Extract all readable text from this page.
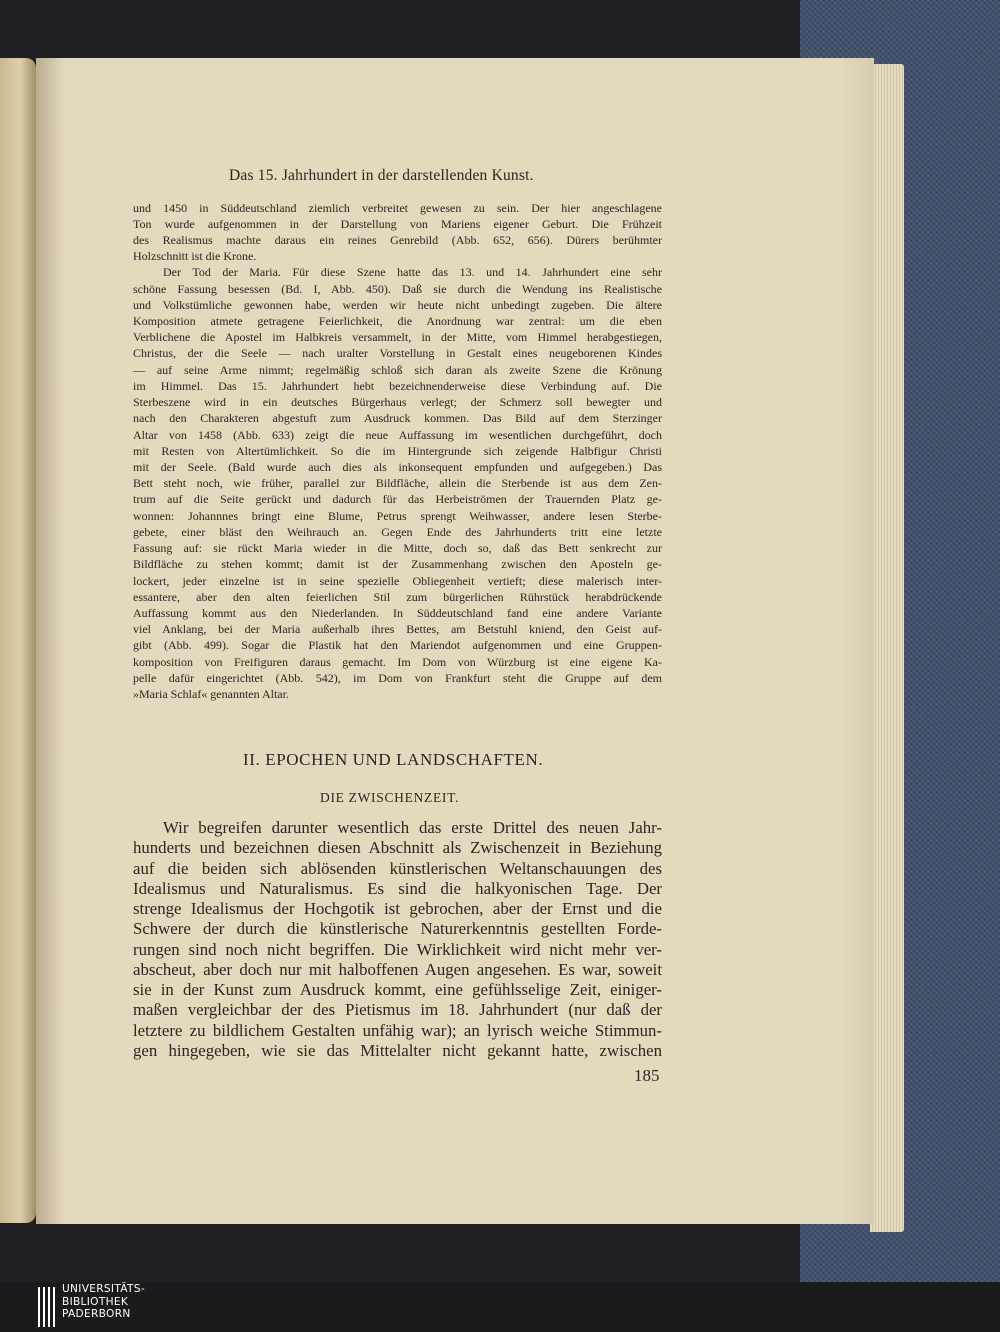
Das 15. Jahrhundert in der darstellenden Kunst.
und 1450 in Süddeutschland ziemlich verbreitet gewesen zu sein. Der hier angeschlagene
Ton wurde aufgenommen in der Darstellung von Mariens eigener Geburt. Die Frühzeit
des Realismus machte daraus ein reines Genrebild (Abb. 652, 656). Dürers berühmter
Holzschnitt ist die Krone.
Der Tod der Maria. Für diese Szene hatte das 13. und 14. Jahrhundert eine sehr
schöne Fassung besessen (Bd. I, Abb. 450). Daß sie durch die Wendung ins Realistische
und Volkstümliche gewonnen habe, werden wir heute nicht unbedingt zugeben. Die ältere
Komposition atmete getragene Feierlichkeit, die Anordnung war zentral: um die eben
Verblichene die Apostel im Halbkreis versammelt, in der Mitte, vom Himmel herabgestiegen,
Christus, der die Seele — nach uralter Vorstellung in Gestalt eines neugeborenen Kindes
— auf seine Arme nimmt; regelmäßig schloß sich daran als zweite Szene die Krönung
im Himmel. Das 15. Jahrhundert hebt bezeichnenderweise diese Verbindung auf. Die
Sterbeszene wird in ein deutsches Bürgerhaus verlegt; der Schmerz soll bewegter und
nach den Charakteren abgestuft zum Ausdruck kommen. Das Bild auf dem Sterzinger
Altar von 1458 (Abb. 633) zeigt die neue Auffassung im wesentlichen durchgeführt, doch
mit Resten von Altertümlichkeit. So die im Hintergrunde sich zeigende Halbfigur Christi
mit der Seele. (Bald wurde auch dies als inkonsequent empfunden und aufgegeben.) Das
Bett steht noch, wie früher, parallel zur Bildfläche, allein die Sterbende ist aus dem Zen-
trum auf die Seite gerückt und dadurch für das Herbeiströmen der Trauernden Platz ge-
wonnen: Johannnes bringt eine Blume, Petrus sprengt Weihwasser, andere lesen Sterbe-
gebete, einer bläst den Weihrauch an. Gegen Ende des Jahrhunderts tritt eine letzte
Fassung auf: sie rückt Maria wieder in die Mitte, doch so, daß das Bett senkrecht zur
Bildfläche zu stehen kommt; damit ist der Zusammenhang zwischen den Aposteln ge-
lockert, jeder einzelne ist in seine spezielle Obliegenheit vertieft; diese malerisch inter-
essantere, aber den alten feierlichen Stil zum bürgerlichen Rührstück herabdrückende
Auffassung kommt aus den Niederlanden. In Süddeutschland fand eine andere Variante
viel Anklang, bei der Maria außerhalb ihres Bettes, am Betstuhl kniend, den Geist auf-
gibt (Abb. 499). Sogar die Plastik hat den Mariendot aufgenommen und eine Gruppen-
komposition von Freifiguren daraus gemacht. Im Dom von Würzburg ist eine eigene Ka-
pelle dafür eingerichtet (Abb. 542), im Dom von Frankfurt steht die Gruppe auf dem
»Maria Schlaf« genannten Altar.
II. EPOCHEN UND LANDSCHAFTEN.
DIE ZWISCHENZEIT.
Wir begreifen darunter wesentlich das erste Drittel des neuen Jahr-
hunderts und bezeichnen diesen Abschnitt als Zwischenzeit in Beziehung
auf die beiden sich ablösenden künstlerischen Weltanschauungen des
Idealismus und Naturalismus. Es sind die halkyonischen Tage. Der
strenge Idealismus der Hochgotik ist gebrochen, aber der Ernst und die
Schwere der durch die künstlerische Naturerkenntnis gestellten Forde-
rungen sind noch nicht begriffen. Die Wirklichkeit wird nicht mehr ver-
abscheut, aber doch nur mit halboffenen Augen angesehen. Es war, soweit
sie in der Kunst zum Ausdruck kommt, eine gefühlsselige Zeit, einiger-
maßen vergleichbar der des Pietismus im 18. Jahrhundert (nur daß der
letztere zu bildlichem Gestalten unfähig war); an lyrisch weiche Stimmun-
gen hingegeben, wie sie das Mittelalter nicht gekannt hatte, zwischen
185
UNIVERSITÄTS-
BIBLIOTHEK
PADERBORN
